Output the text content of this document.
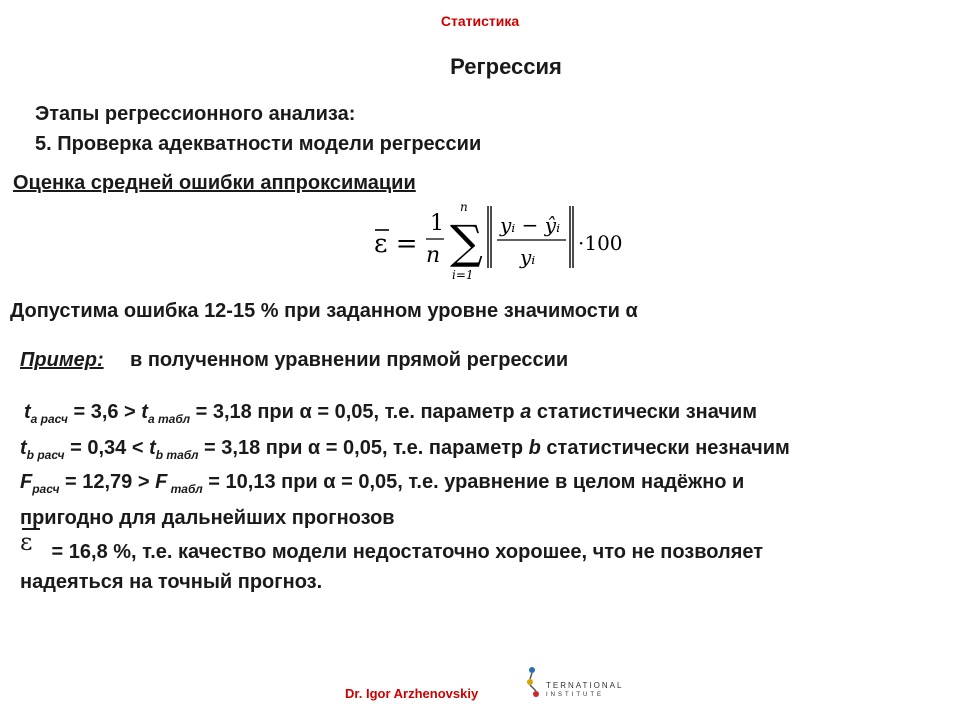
Статистика
Регрессия
Этапы регрессионного анализа:
5. Проверка адекватности модели регрессии
Оценка средней ошибки аппроксимации
ε =
1
n
n
∑
i=1
yᵢ − ŷᵢ
yᵢ
·100
Допустима ошибка 12-15 % при заданном уровне значимости α
Пример: в полученном уравнении прямой регрессии
$t_{a расч} = 3,6 > t_{a табл} = 3,18$ при α = 0,05, т.е. параметр a статистически значим
$t_{b расч} = 0,34 < t_{b табл} = 3,18$ при α = 0,05, т.е. параметр b статистически незначим
$F_{расч} = 12,79 > F$ $_{табл}$ = 10,13 при α = 0,05, т.е. уравнение в целом надёжно и
пригодно для дальнейших прогнозов
ε = 16,8 %, т.е. качество модели недостаточно хорошее, что не позволяет
надеяться на точный прогноз.
Dr. Igor Arzhenovskiy
TERNATIONAL
INSTITUTE
